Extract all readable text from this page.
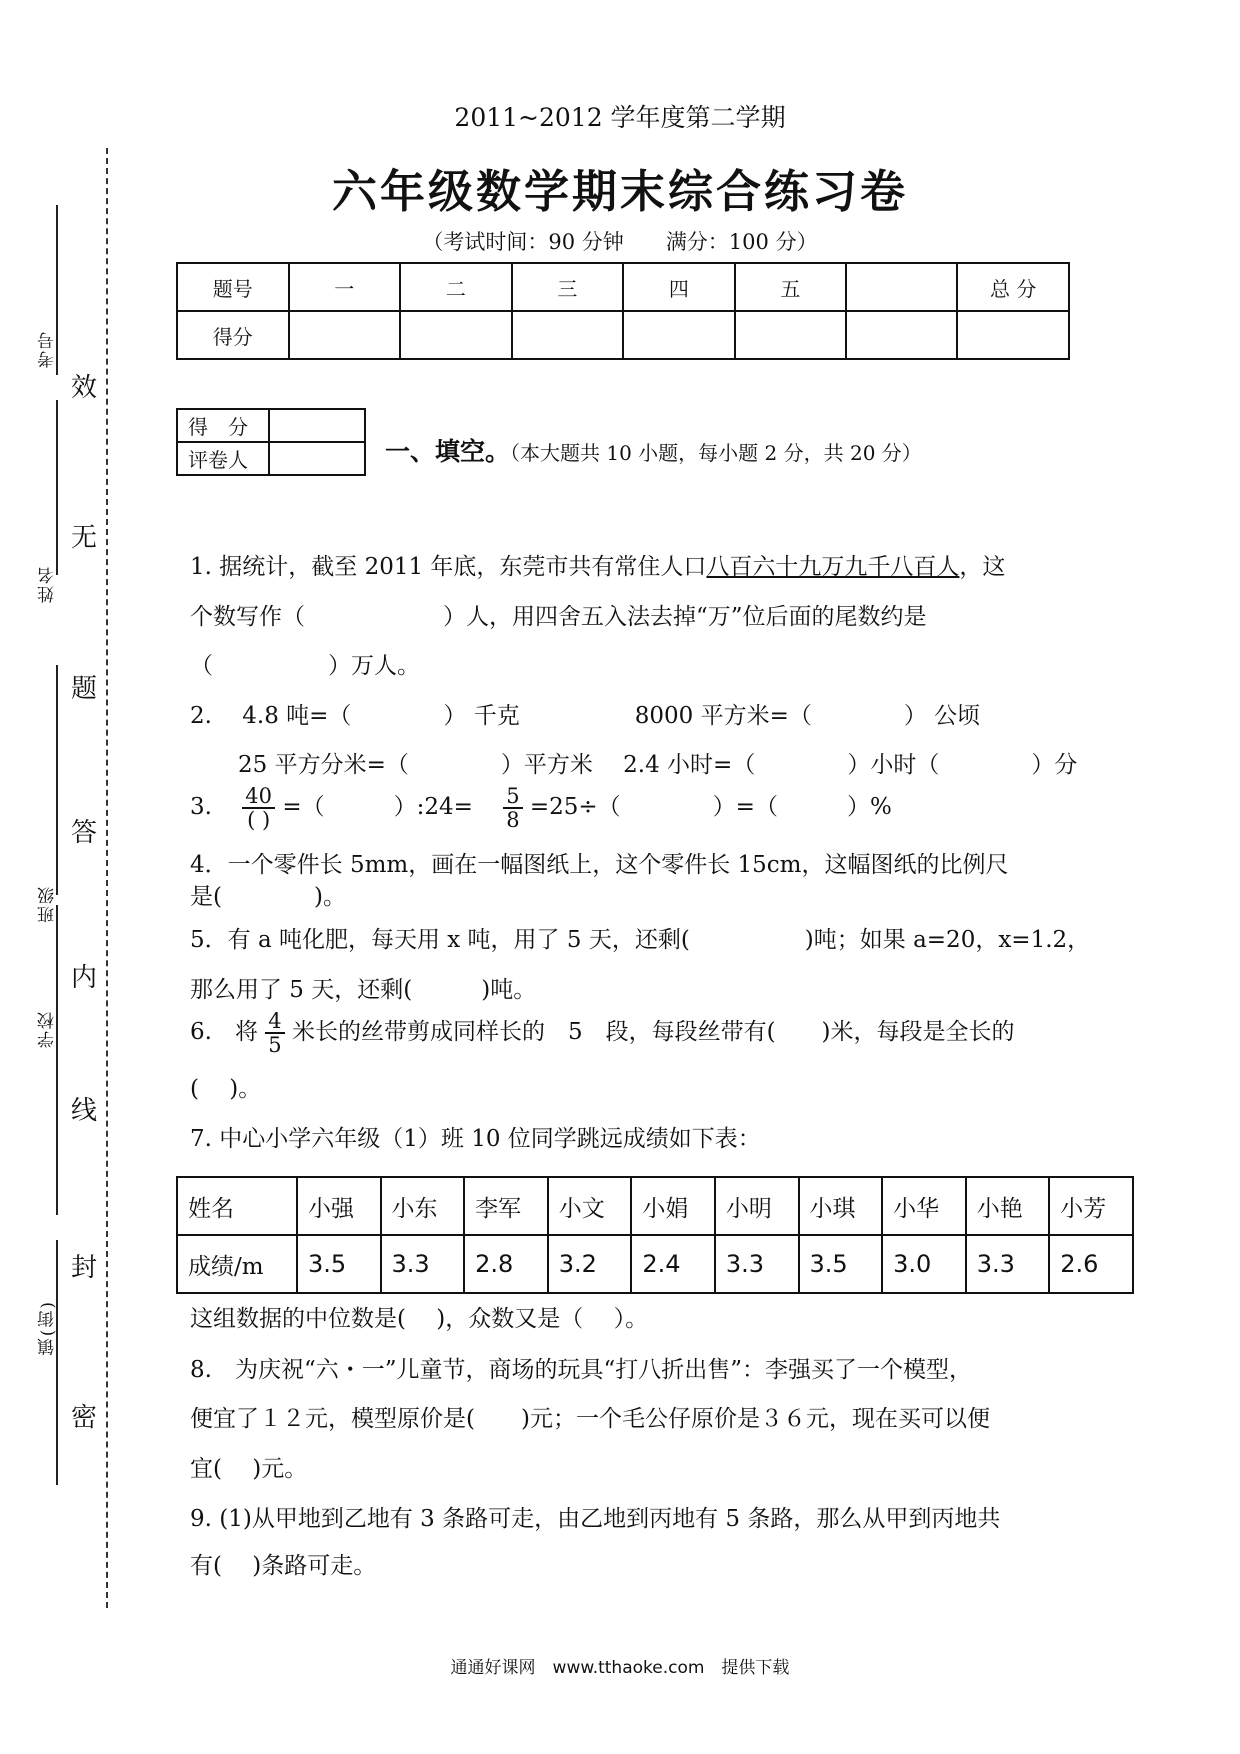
考号
姓名
班级
学校
镇(街)
效
无
题
答
内
线
封
密
2011~2012 学年度第二学期
六年级数学期末综合练习卷
（考试时间：90 分钟 满分：100 分）
题号	一	二	三	四	五		总 分
得分							
得　分	
评卷人		一、填空。（本大题共 10 小题，每小题 2 分，共 20 分）
1. 据统计，截至 2011 年底，东莞市共有常住人口八百六十九万九千八百人，这
个数写作（　　　　　　）人，用四舍五入法去掉“万”位后面的尾数约是
（　　　　　）万人。
2.　 4.8 吨=（　　　　） 千克　　　　　8000 平方米=（　　　　） 公顷
25 平方分米=（　　　　）平方米　 2.4 小时=（　　　　）小时（　　　　）分
3.　 $\frac{40}{( )}$ =（　　　）:24=　 $\frac{5}{8} =25\div$（　　　　）=（　　　）%
4．一个零件长 5mm，画在一幅图纸上，这个零件长 15cm，这幅图纸的比例尺
是(　　　　)。
5．有 a 吨化肥，每天用 x 吨，用了 5 天，还剩(　　　　　)吨；如果 a=20，x=1.2，
那么用了 5 天，还剩(　　　)吨。
6.　将 $\frac{4}{5}$ 米长的丝带剪成同样长的　5　段，每段丝带有(　　)米，每段是全长的
(　 )。
7. 中心小学六年级（1）班 10 位同学跳远成绩如下表：
姓名	小强	小东	李军	小文	小娟	小明	小琪	小华	小艳	小芳
成绩/m	3.5	3.3	2.8	3.2	2.4	3.3	3.5	3.0	3.3	2.6
这组数据的中位数是(　 )，众数又是（　 ）。
8.　为庆祝“六・一”儿童节，商场的玩具“打八折出售”：李强买了一个模型，
便宜了１２元，模型原价是(　　)元；一个毛公仔原价是３６元，现在买可以便
宜(　 )元。
9. (1)从甲地到乙地有 3 条路可走，由乙地到丙地有 5 条路，那么从甲到丙地共
有(　 )条路可走。
通通好课网　www.tthaoke.com　提供下载
